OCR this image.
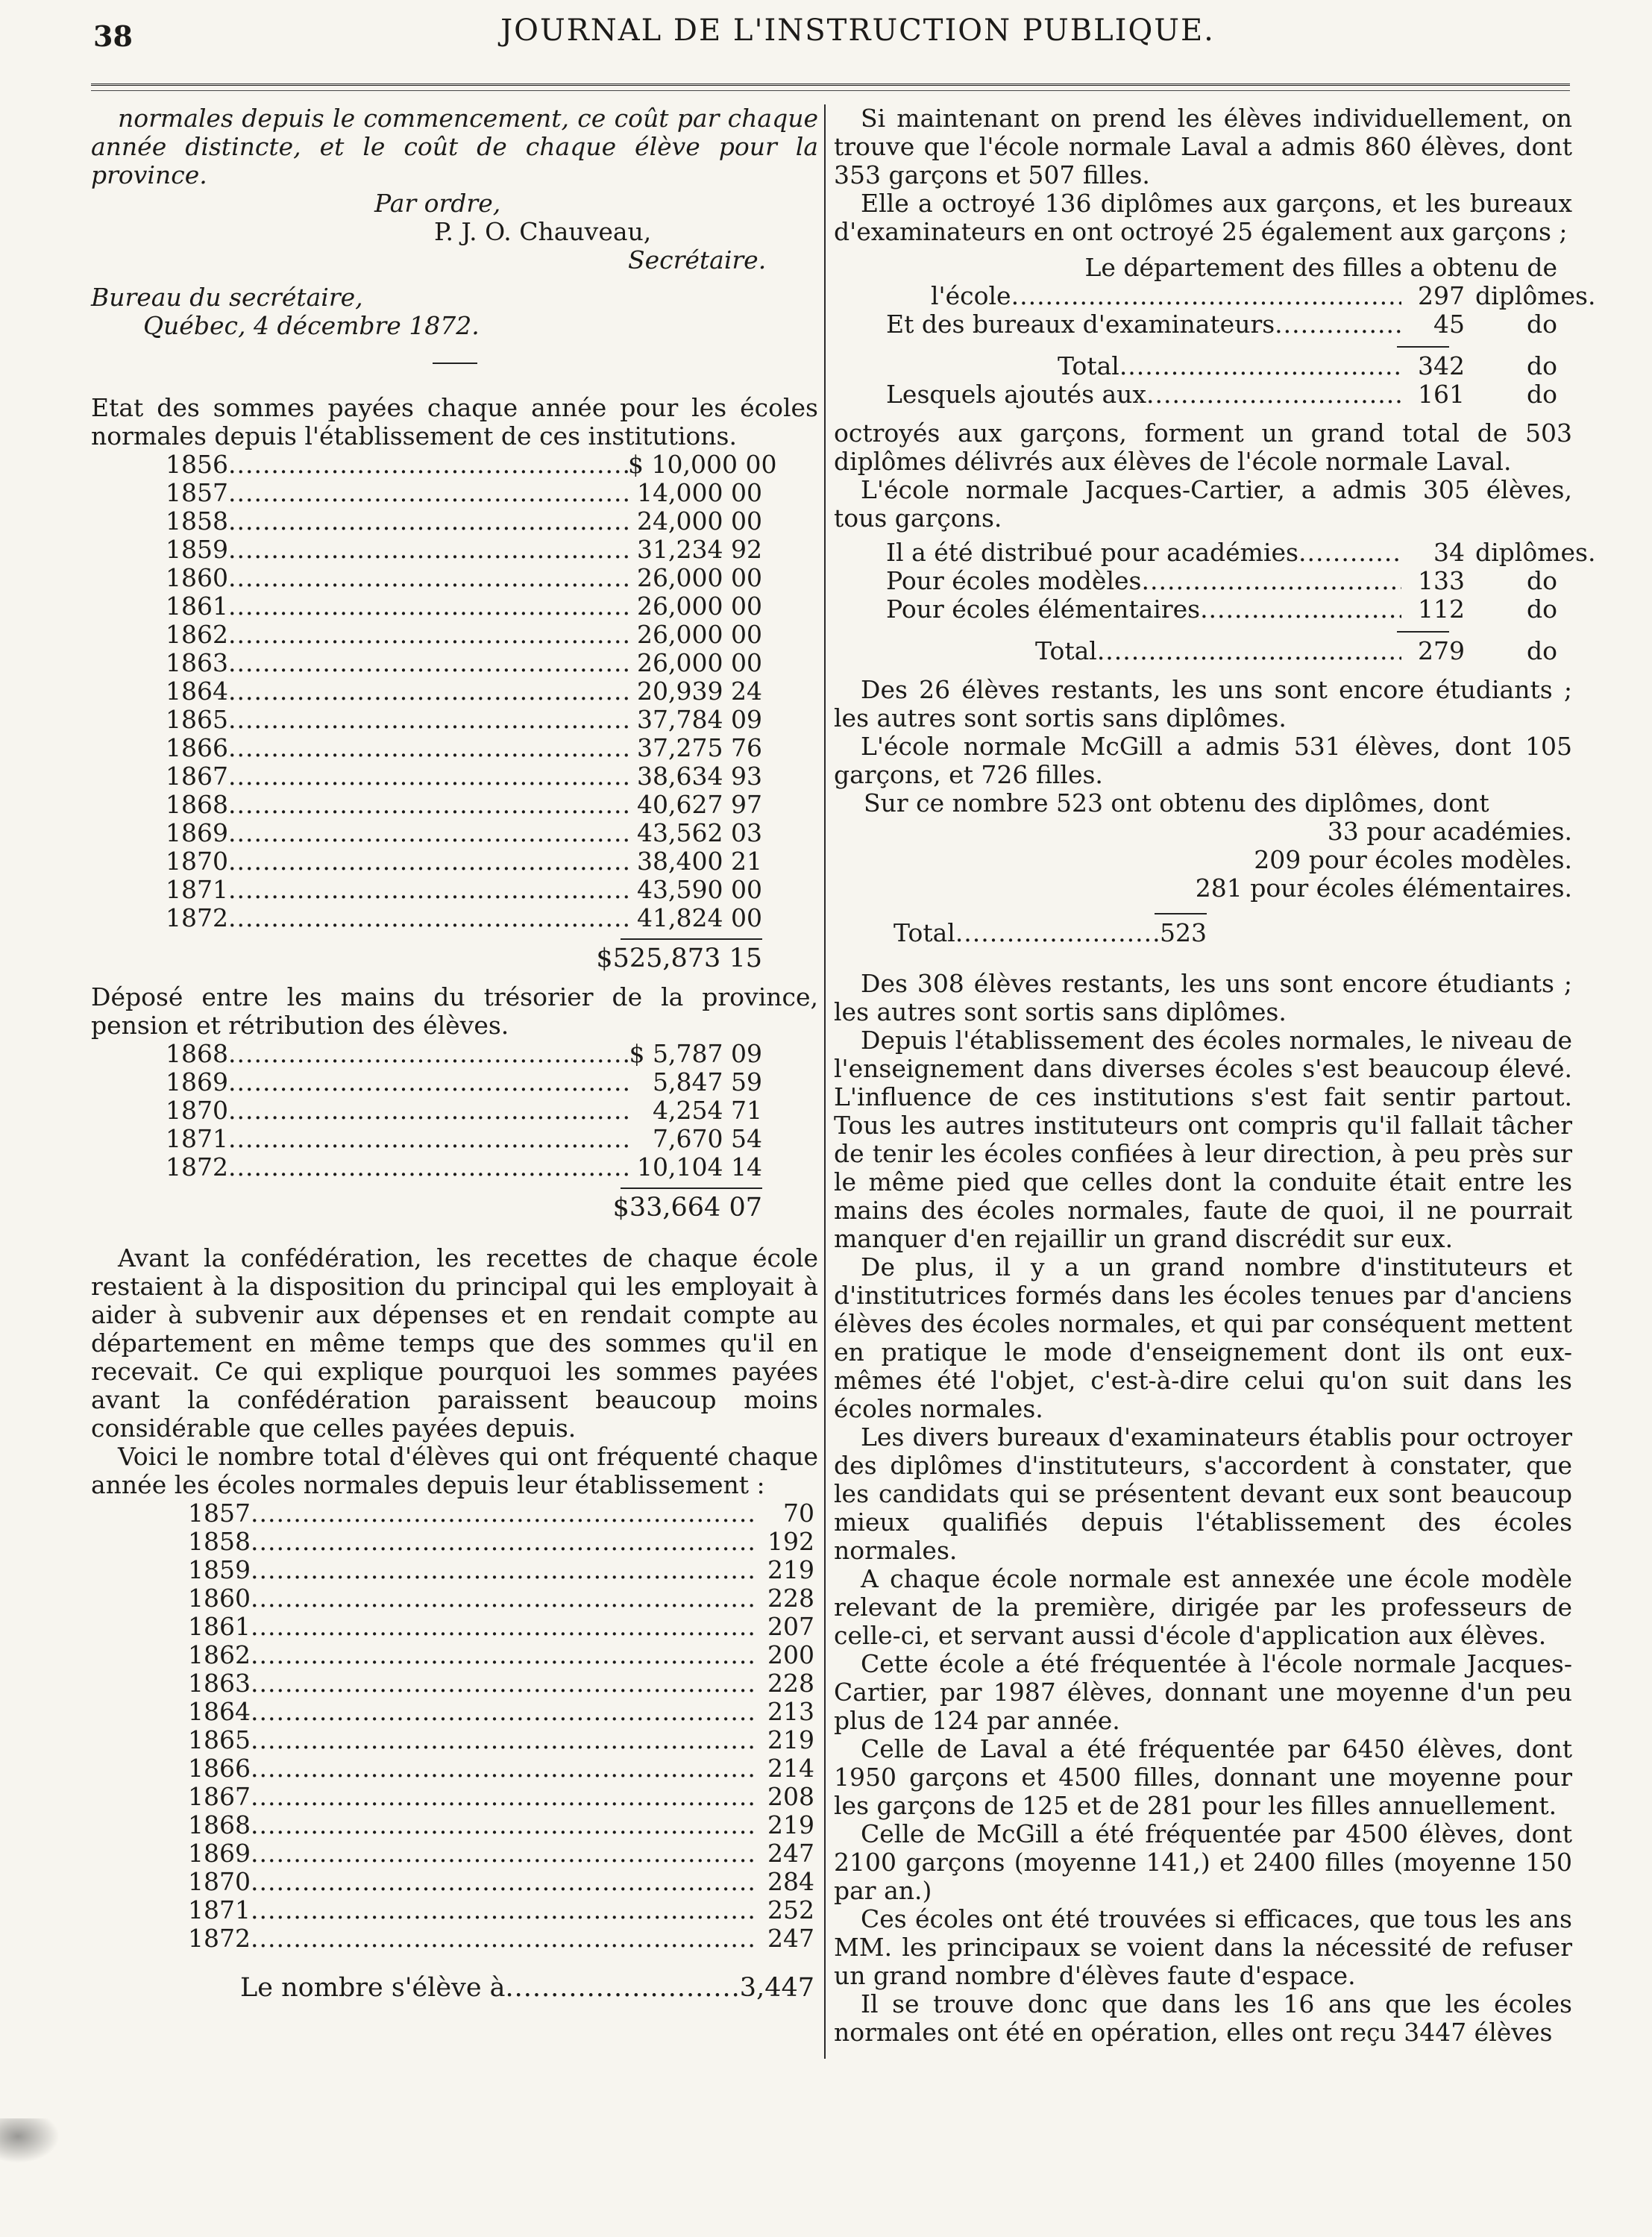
38	JOURNAL DE L'INSTRUCTION PUBLIQUE.

normales depuis le commencement, ce coût par chaque année distincte, et le coût de chaque élève pour la province.

Par ordre,
P. J. O. Chauveau,
Secrétaire.
Bureau du secrétaire,
Québec, 4 décembre 1872.

Etat des sommes payées chaque année pour les écoles normales depuis l'établissement de ces institutions.

1856 .....	$ 10,000 00
1857 .....	14,000 00
1858 .....	24,000 00
1859 .....	31,234 92
1860 .....	26,000 00
1861 .....	26,000 00
1862 .....	26,000 00
1863 .....	26,000 00
1864 .....	20,939 24
1865 .....	37,784 09
1866 .....	37,275 76
1867 .....	38,634 93
1868 .....	40,627 97
1869 .....	43,562 03
1870 .....	38,400 21
1871 .....	43,590 00
1872 .....	41,824 00
$525,873 15

Déposé entre les mains du trésorier de la province, pension et rétribution des élèves.

1868 .....	$ 5,787 09
1869 .....	5,847 59
1870 .....	4,254 71
1871 .....	7,670 54
1872 .....	10,104 14
$33,664 07

Avant la confédération, les recettes de chaque école restaient à la disposition du principal qui les employait à aider à subvenir aux dépenses et en rendait compte au département en même temps que des sommes qu'il en recevait. Ce qui explique pourquoi les sommes payées avant la confédération paraissent beaucoup moins considérable que celles payées depuis.

Voici le nombre total d'élèves qui ont fréquenté chaque année les écoles normales depuis leur établissement :

1857 .....	70
1858 .....	192
1859 .....	219
1860 .....	228
1861 .....	207
1862 .....	200
1863 .....	228
1864 .....	213
1865 .....	219
1866 .....	214
1867 .....	208
1868 .....	219
1869 .....	247
1870 .....	284
1871 .....	252
1872 .....	247
Le nombre s'élève à .....	3,447

Si maintenant on prend les élèves individuellement, on trouve que l'école normale Laval a admis 860 élèves, dont 353 garçons et 507 filles.

Elle a octroyé 136 diplômes aux garçons, et les bureaux d'examinateurs en ont octroyé 25 également aux garçons ;

Le département des filles a obtenu de
l'école .....	297 diplômes.
Et des bureaux d'examinateurs .....	45	do
Total .....	342	do
Lesquels ajoutés aux .....	161	do

octroyés aux garçons, forment un grand total de 503 diplômes délivrés aux élèves de l'école normale Laval.

L'école normale Jacques-Cartier, a admis 305 élèves, tous garçons.

Il a été distribué pour académies .....	34 diplômes.
Pour écoles modèles .....	133	do
Pour écoles élémentaires .....	112	do
Total .....	279	do

Des 26 élèves restants, les uns sont encore étudiants ; les autres sont sortis sans diplômes.

L'école normale McGill a admis 531 élèves, dont 105 garçons, et 726 filles.

Sur ce nombre 523 ont obtenu des diplômes, dont

33 pour académies.
209 pour écoles modèles.
281 pour écoles élémentaires.
Total .....	523

Des 308 élèves restants, les uns sont encore étudiants ; les autres sont sortis sans diplômes.

Depuis l'établissement des écoles normales, le niveau de l'enseignement dans diverses écoles s'est beaucoup élevé. L'influence de ces institutions s'est fait sentir partout. Tous les autres instituteurs ont compris qu'il fallait tâcher de tenir les écoles confiées à leur direction, à peu près sur le même pied que celles dont la conduite était entre les mains des écoles normales, faute de quoi, il ne pourrait manquer d'en rejaillir un grand discrédit sur eux.

De plus, il y a un grand nombre d'instituteurs et d'institutrices formés dans les écoles tenues par d'anciens élèves des écoles normales, et qui par conséquent mettent en pratique le mode d'enseignement dont ils ont eux-mêmes été l'objet, c'est-à-dire celui qu'on suit dans les écoles normales.

Les divers bureaux d'examinateurs établis pour octroyer des diplômes d'instituteurs, s'accordent à constater, que les candidats qui se présentent devant eux sont beaucoup mieux qualifiés depuis l'établissement des écoles normales.

A chaque école normale est annexée une école modèle relevant de la première, dirigée par les professeurs de celle-ci, et servant aussi d'école d'application aux élèves.

Cette école a été fréquentée à l'école normale Jacques-Cartier, par 1987 élèves, donnant une moyenne d'un peu plus de 124 par année.

Celle de Laval a été fréquentée par 6450 élèves, dont 1950 garçons et 4500 filles, donnant une moyenne pour les garçons de 125 et de 281 pour les filles annuellement.

Celle de McGill a été fréquentée par 4500 élèves, dont 2100 garçons (moyenne 141,) et 2400 filles (moyenne 150 par an.)

Ces écoles ont été trouvées si efficaces, que tous les ans MM. les principaux se voient dans la nécessité de refuser un grand nombre d'élèves faute d'espace.

Il se trouve donc que dans les 16 ans que les écoles normales ont été en opération, elles ont reçu 3447 élèves
